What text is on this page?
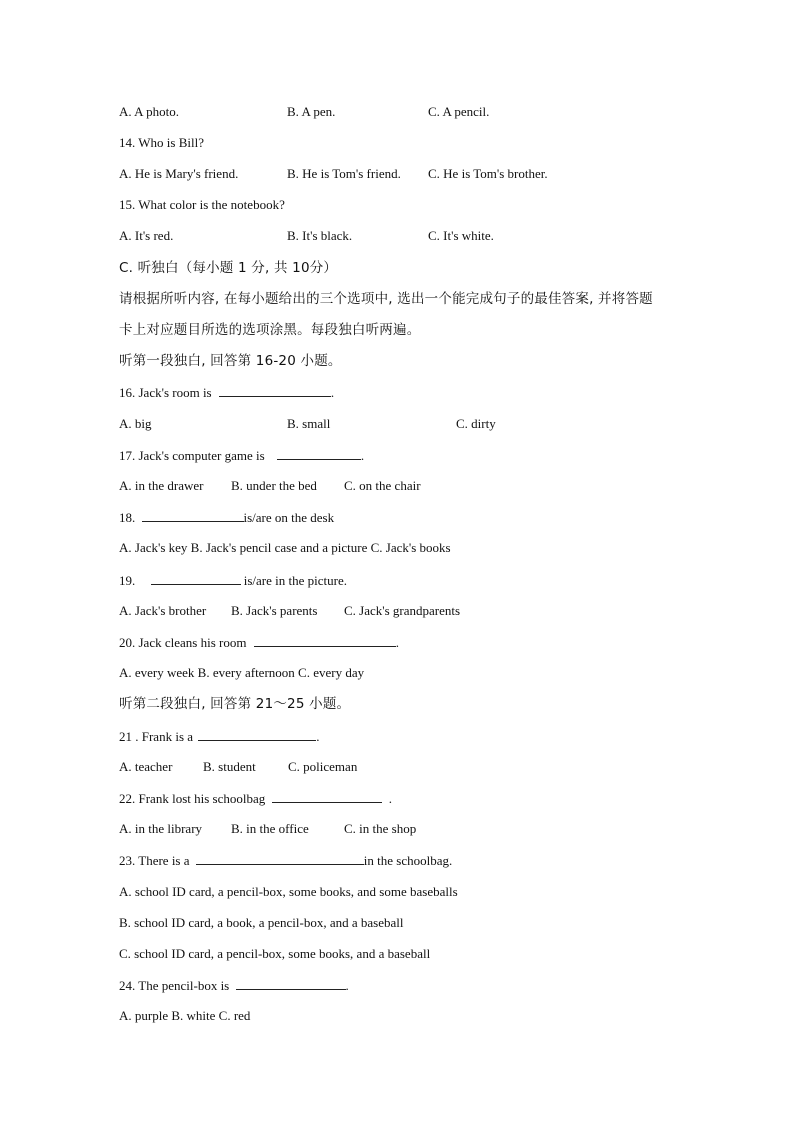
A. A photo.	B. A pen.	C. A pencil.
14. Who is Bill?
A. He is Mary's friend.	B. He is Tom's friend. C. He is Tom's brother.
15. What color is the notebook?
A. It's red.	B. It's black.	C. It's white.
C. 听独白（每小题 1 分, 共 10分）
请根据所听内容, 在每小题给出的三个选项中, 选出一个能完成句子的最佳答案, 并将答题
卡上对应题目所选的选项涂黑。每段独白听两遍。
听第一段独白, 回答第 16-20 小题。
16. Jack's room is	.
A. big	B. small	C. dirty
17. Jack's computer game is	.
A. in the drawer B. under the bed C. on the chair
18.	is/are on the desk
A. Jack's key B. Jack's pencil case and a picture C. Jack's books
19.	is/are in the picture.
A. Jack's brother B. Jack's parents C. Jack's grandparents
20. Jack cleans his room	.
A. every week B. every afternoon C. every day
听第二段独白, 回答第 21～25 小题。
21 . Frank is a	.
A. teacher B. student C. policeman
22. Frank lost his schoolbag	.
A. in the library B. in the office	C. in the shop
23. There is a	in the schoolbag.
A. school ID card, a pencil-box, some books, and some baseballs
B. school ID card, a book, a pencil-box, and a baseball
C. school ID card, a pencil-box, some books, and a baseball
24. The pencil-box is	.
A. purple B. white C. red
